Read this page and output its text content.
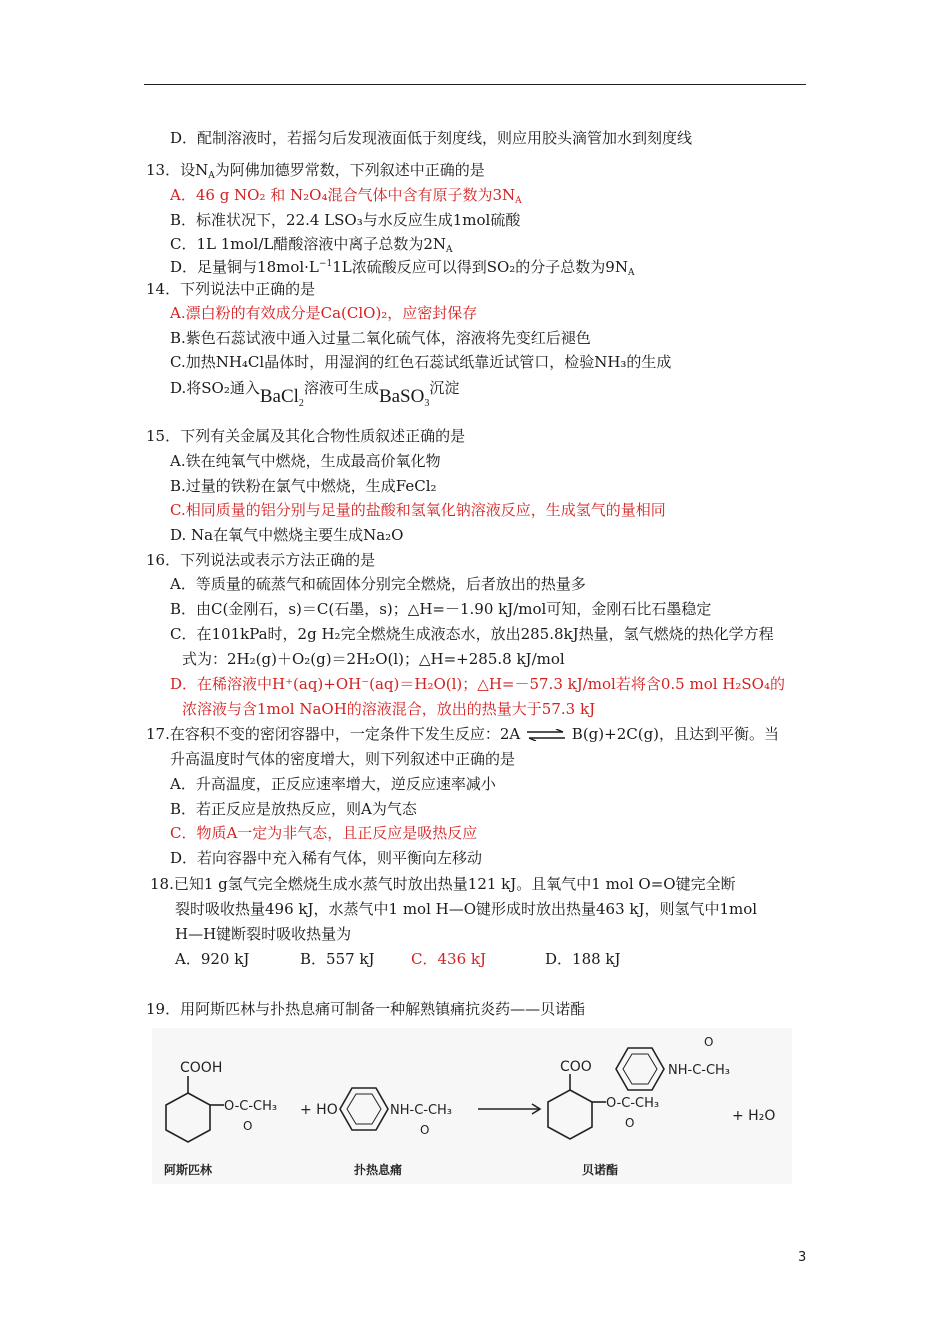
D．配制溶液时，若摇匀后发现液面低于刻度线，则应用胶头滴管加水到刻度线
13．设$N_A$为阿佛加德罗常数，下列叙述中正确的是
A．46 g NO₂ 和 N₂O₄混合气体中含有原子数为$3N_A$
B．标准状况下，22.4 LSO₃与水反应生成1mol硫酸
C．1L 1mol/L醋酸溶液中离子总数为$2N_A$
D．足量铜与$18mol\cdot L^{-1}1L$浓硫酸反应可以得到SO₂的分子总数为$9N_A$
14．下列说法中正确的是
A.漂白粉的有效成分是Ca(ClO)₂，应密封保存
B.紫色石蕊试液中通入过量二氧化硫气体，溶液将先变红后褪色
C.加热NH₄Cl晶体时，用湿润的红色石蕊试纸靠近试管口，检验NH₃的生成
D.将SO₂通入BaCl$_2$溶液可生成BaSO$_3$沉淀
15．下列有关金属及其化合物性质叙述正确的是
A.铁在纯氧气中燃烧，生成最高价氧化物
B.过量的铁粉在氯气中燃烧，生成FeCl₂
C.相同质量的铝分别与足量的盐酸和氢氧化钠溶液反应，生成氢气的量相同
D. Na在氧气中燃烧主要生成Na₂O
16．下列说法或表示方法正确的是
A．等质量的硫蒸气和硫固体分别完全燃烧，后者放出的热量多
B．由C(金刚石，s)＝C(石墨，s)；△H=－1.90 kJ/mol可知，金刚石比石墨稳定
C．在101kPa时，2g H₂完全燃烧生成液态水，放出285.8kJ热量，氢气燃烧的热化学方程
式为：2H₂(g)＋O₂(g)＝2H₂O(l)；△H=+285.8 kJ/mol
D．在稀溶液中H⁺(aq)+OH⁻(aq)＝H₂O(l)；△H=－57.3 kJ/mol若将含0.5 mol H₂SO₄的
浓溶液与含1mol NaOH的溶液混合，放出的热量大于57.3 kJ
17.在容积不变的密闭容器中，一定条件下发生反应：2A ⇌ B(g)+2C(g)，且达到平衡。当
升高温度时气体的密度增大，则下列叙述中正确的是
A．升高温度，正反应速率增大，逆反应速率减小
B．若正反应是放热反应，则A为气态
C．物质A一定为非气态，且正反应是吸热反应
D．若向容器中充入稀有气体，则平衡向左移动
18.已知1 g氢气完全燃烧生成水蒸气时放出热量121 kJ。且氧气中1 mol O=O键完全断
裂时吸收热量496 kJ，水蒸气中1 mol H—O键形成时放出热量463 kJ，则氢气中1mol
H—H键断裂时吸收热量为
A．920 kJ	B．557 kJ C．436 kJ	D．188 kJ
19．用阿斯匹林与扑热息痛可制备一种解熟镇痛抗炎药——贝诺酯
COOH
O-C-CH₃
O
阿斯匹林
+ HO	NH-C-CH₃
O
扑热息痛
COO	NH-C-CH₃
O
O-C-CH₃
O
贝诺酯
+ H₂O
3
